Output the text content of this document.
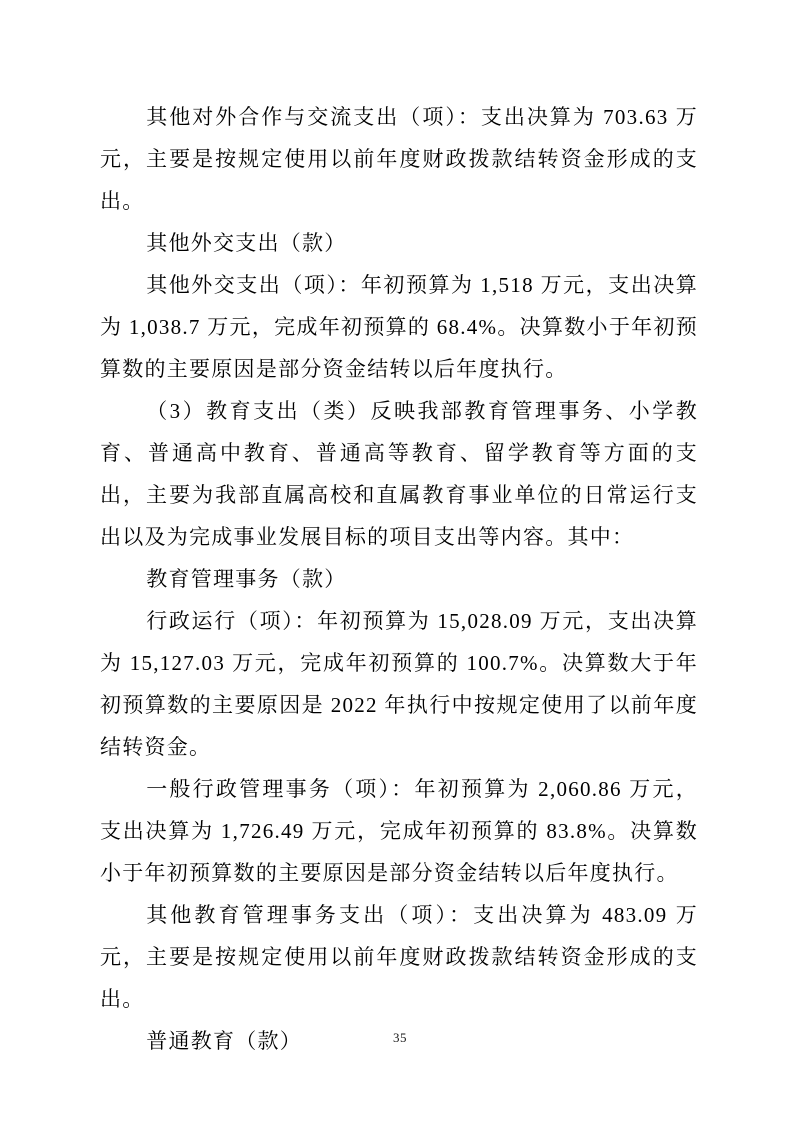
其他对外合作与交流支出（项）：支出决算为 703.63 万元，主要是按规定使用以前年度财政拨款结转资金形成的支出。

其他外交支出（款）

其他外交支出（项）：年初预算为 1,518 万元，支出决算为 1,038.7 万元，完成年初预算的 68.4%。决算数小于年初预算数的主要原因是部分资金结转以后年度执行。

（3）教育支出（类）反映我部教育管理事务、小学教育、普通高中教育、普通高等教育、留学教育等方面的支出，主要为我部直属高校和直属教育事业单位的日常运行支出以及为完成事业发展目标的项目支出等内容。其中：

教育管理事务（款）

行政运行（项）：年初预算为 15,028.09 万元，支出决算为 15,127.03 万元，完成年初预算的 100.7%。决算数大于年初预算数的主要原因是 2022 年执行中按规定使用了以前年度结转资金。

一般行政管理事务（项）：年初预算为 2,060.86 万元，支出决算为 1,726.49 万元，完成年初预算的 83.8%。决算数小于年初预算数的主要原因是部分资金结转以后年度执行。

其他教育管理事务支出（项）：支出决算为 483.09 万元，主要是按规定使用以前年度财政拨款结转资金形成的支出。

普通教育（款）	35
